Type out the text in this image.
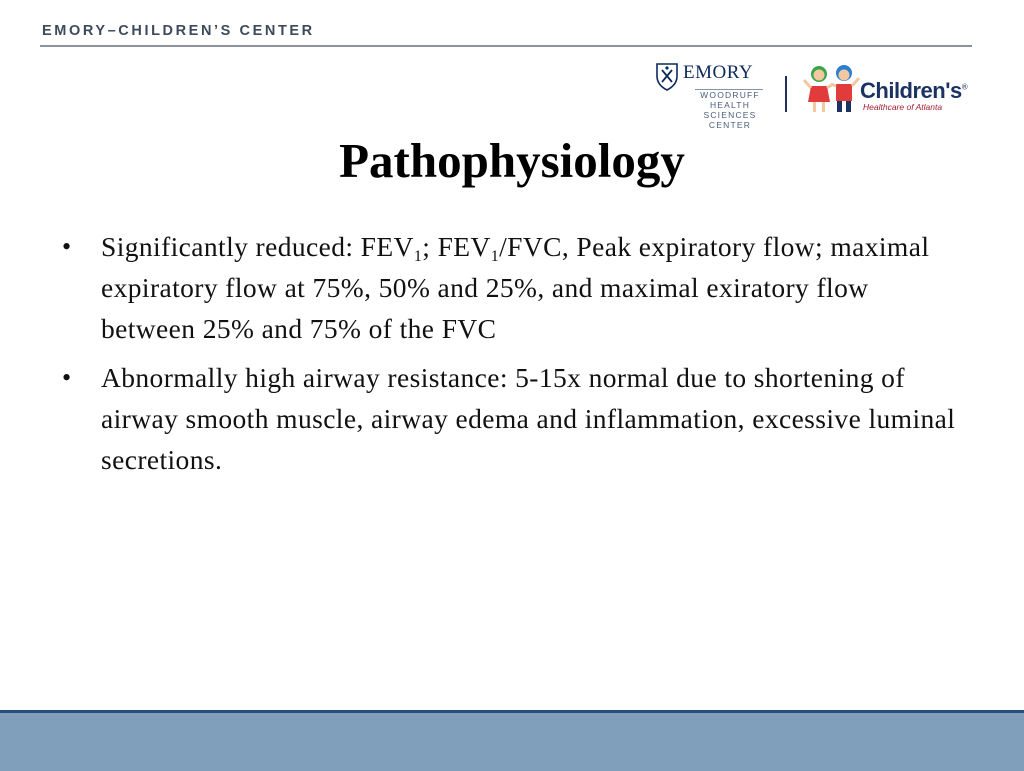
EMORY–CHILDREN’S CENTER
EMORY
WOODRUFF
HEALTH
SCIENCES
CENTER
Children's®
Healthcare of Atlanta
Pathophysiology
• Significantly reduced: $FEV_1$; $FEV_1$/FVC, Peak expiratory flow; maximal expiratory flow at 75%, 50% and 25%, and maximal exiratory flow between 25% and 75% of the FVC
• Abnormally high airway resistance: 5-15x normal due to shortening of airway smooth muscle, airway edema and inflammation, excessive luminal secretions.
